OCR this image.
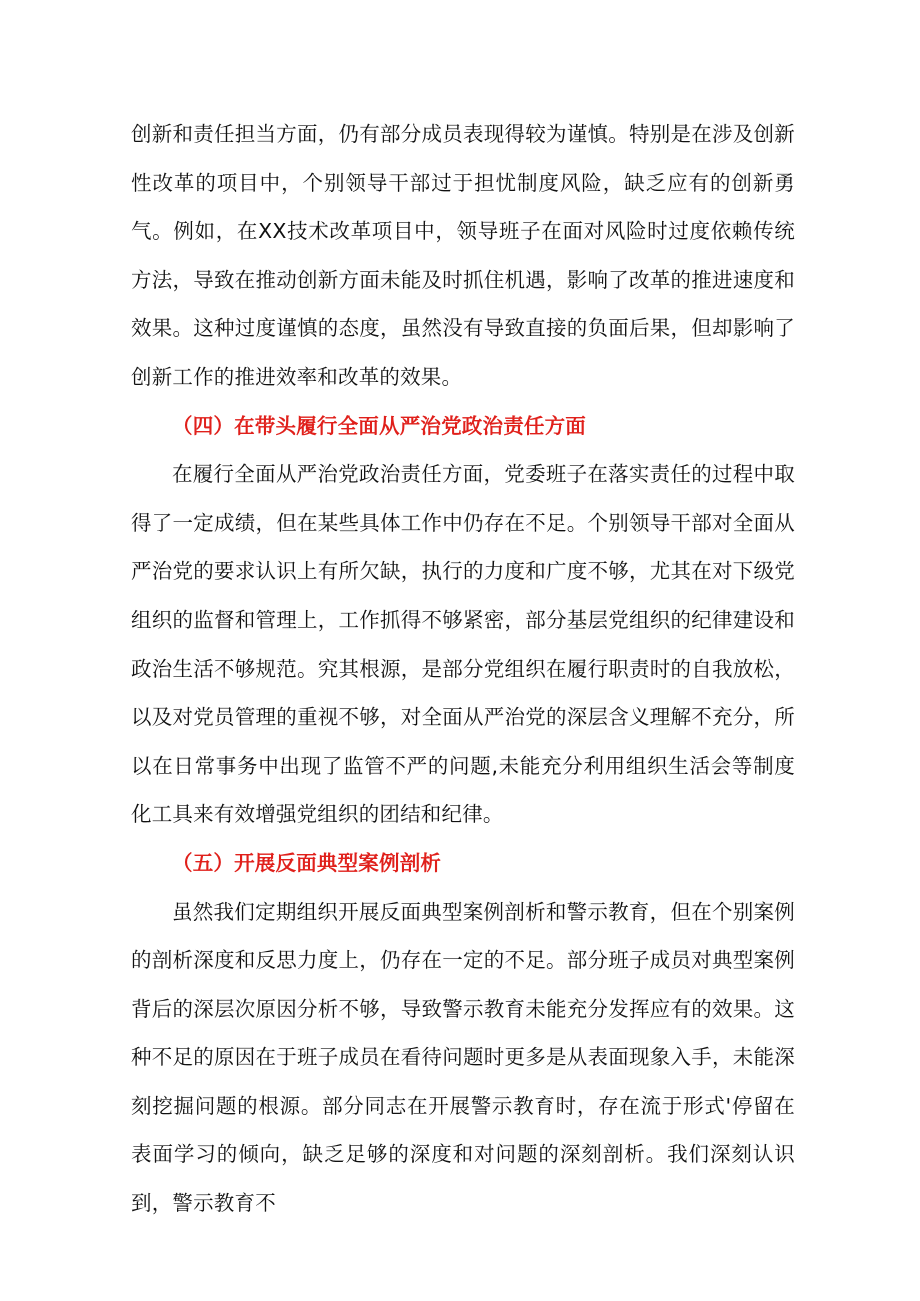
创新和责任担当方面，仍有部分成员表现得较为谨慎。特别是在涉及创新性改革的项目中，个别领导干部过于担忧制度风险，缺乏应有的创新勇气。例如，在XX技术改革项目中，领导班子在面对风险时过度依赖传统方法，导致在推动创新方面未能及时抓住机遇，影响了改革的推进速度和效果。这种过度谨慎的态度，虽然没有导致直接的负面后果，但却影响了创新工作的推进效率和改革的效果。

（四）在带头履行全面从严治党政治责任方面

在履行全面从严治党政治责任方面，党委班子在落实责任的过程中取得了一定成绩，但在某些具体工作中仍存在不足。个别领导干部对全面从严治党的要求认识上有所欠缺，执行的力度和广度不够，尤其在对下级党组织的监督和管理上，工作抓得不够紧密，部分基层党组织的纪律建设和政治生活不够规范。究其根源，是部分党组织在履行职责时的自我放松，以及对党员管理的重视不够，对全面从严治党的深层含义理解不充分，所以在日常事务中出现了监管不严的问题,未能充分利用组织生活会等制度化工具来有效增强党组织的团结和纪律。

（五）开展反面典型案例剖析

虽然我们定期组织开展反面典型案例剖析和警示教育，但在个别案例的剖析深度和反思力度上，仍存在一定的不足。部分班子成员对典型案例背后的深层次原因分析不够，导致警示教育未能充分发挥应有的效果。这种不足的原因在于班子成员在看待问题时更多是从表面现象入手，未能深刻挖掘问题的根源。部分同志在开展警示教育时，存在流于形式'停留在表面学习的倾向，缺乏足够的深度和对问题的深刻剖析。我们深刻认识到，警示教育不
